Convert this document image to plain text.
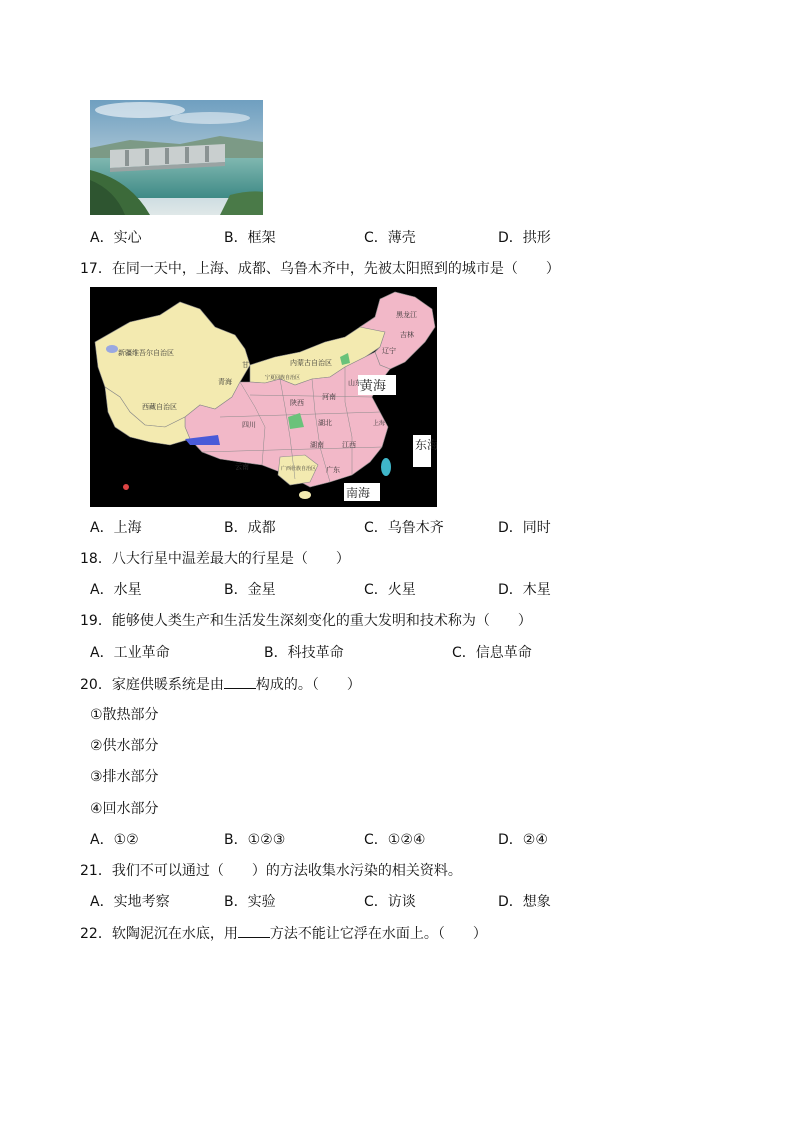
A．实心	B．框架	C．薄壳	D．拱形
17．在同一天中，上海、成都、乌鲁木齐中，先被太阳照到的城市是（　　）
新疆维吾尔自治区
西藏自治区
青海
甘	内蒙古自治区
黑龙江
吉林
辽宁
宁夏回族自治区
四川
云南	广西壮族自治区
陕西
河南
湖北
湖南
山东
江西
广东
上海
黄海
东海
南海
A．上海	B．成都	C．乌鲁木齐	D．同时
18．八大行星中温差最大的行星是（　　）
A．水星	B．金星	C．火星	D．木星
19．能够使人类生产和生活发生深刻变化的重大发明和技术称为（　　）
A．工业革命	B．科技革命	C．信息革命
20．家庭供暖系统是由 构成的。（　　）
①散热部分
②供水部分
③排水部分
④回水部分
A．①②	B．①②③	C．①②④	D．②④
21．我们不可以通过（　　）的方法收集水污染的相关资料。
A．实地考察	B．实验	C．访谈	D．想象
22．软陶泥沉在水底，用 方法不能让它浮在水面上。（　　）
